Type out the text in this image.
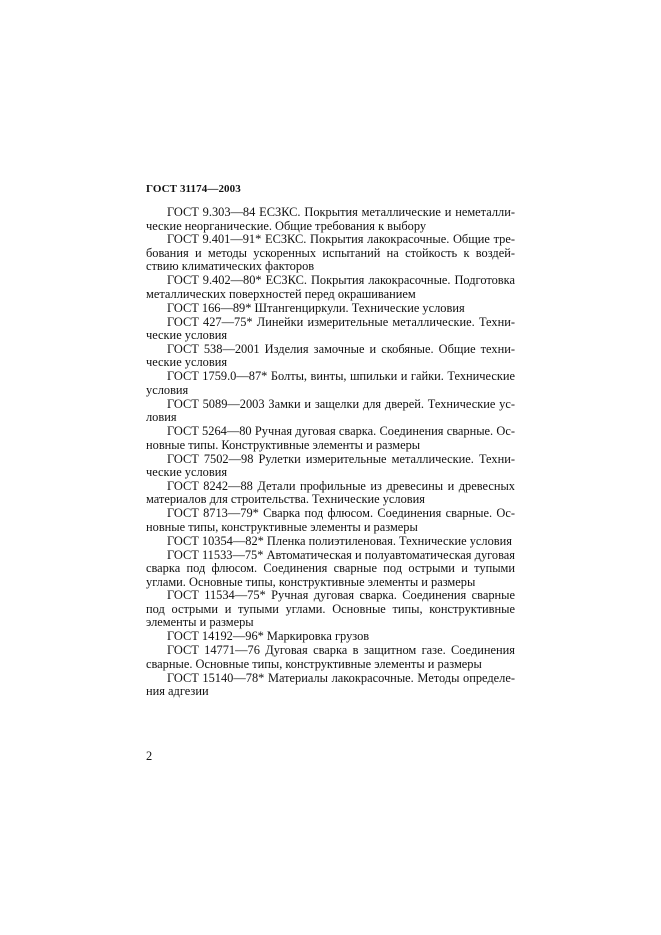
ГОСТ 31174—2003

ГОСТ 9.303—84 ЕСЗКС. Покрытия металлические и неметаллические неорганические. Общие требования к выбору

ГОСТ 9.401—91* ЕСЗКС. Покрытия лакокрасочные. Общие требования и методы ускоренных испытаний на стойкость к воздействию климатических факторов

ГОСТ 9.402—80* ЕСЗКС. Покрытия лакокрасочные. Подготовка металлических поверхностей перед окрашиванием

ГОСТ 166—89* Штангенциркули. Технические условия

ГОСТ 427—75* Линейки измерительные металлические. Технические условия

ГОСТ 538—2001 Изделия замочные и скобяные. Общие технические условия

ГОСТ 1759.0—87* Болты, винты, шпильки и гайки. Технические условия

ГОСТ 5089—2003 Замки и защелки для дверей. Технические условия

ГОСТ 5264—80 Ручная дуговая сварка. Соединения сварные. Основные типы. Конструктивные элементы и размеры

ГОСТ 7502—98 Рулетки измерительные металлические. Технические условия

ГОСТ 8242—88 Детали профильные из древесины и древесных материалов для строительства. Технические условия

ГОСТ 8713—79* Сварка под флюсом. Соединения сварные. Основные типы, конструктивные элементы и размеры

ГОСТ 10354—82* Пленка полиэтиленовая. Технические условия

ГОСТ 11533—75* Автоматическая и полуавтоматическая дуговая сварка под флюсом. Соединения сварные под острыми и тупыми углами. Основные типы, конструктивные элементы и размеры

ГОСТ 11534—75* Ручная дуговая сварка. Соединения сварные под острыми и тупыми углами. Основные типы, конструктивные элементы и размеры

ГОСТ 14192—96* Маркировка грузов

ГОСТ 14771—76 Дуговая сварка в защитном газе. Соединения сварные. Основные типы, конструктивные элементы и размеры

ГОСТ 15140—78* Материалы лакокрасочные. Методы определения адгезии

2
